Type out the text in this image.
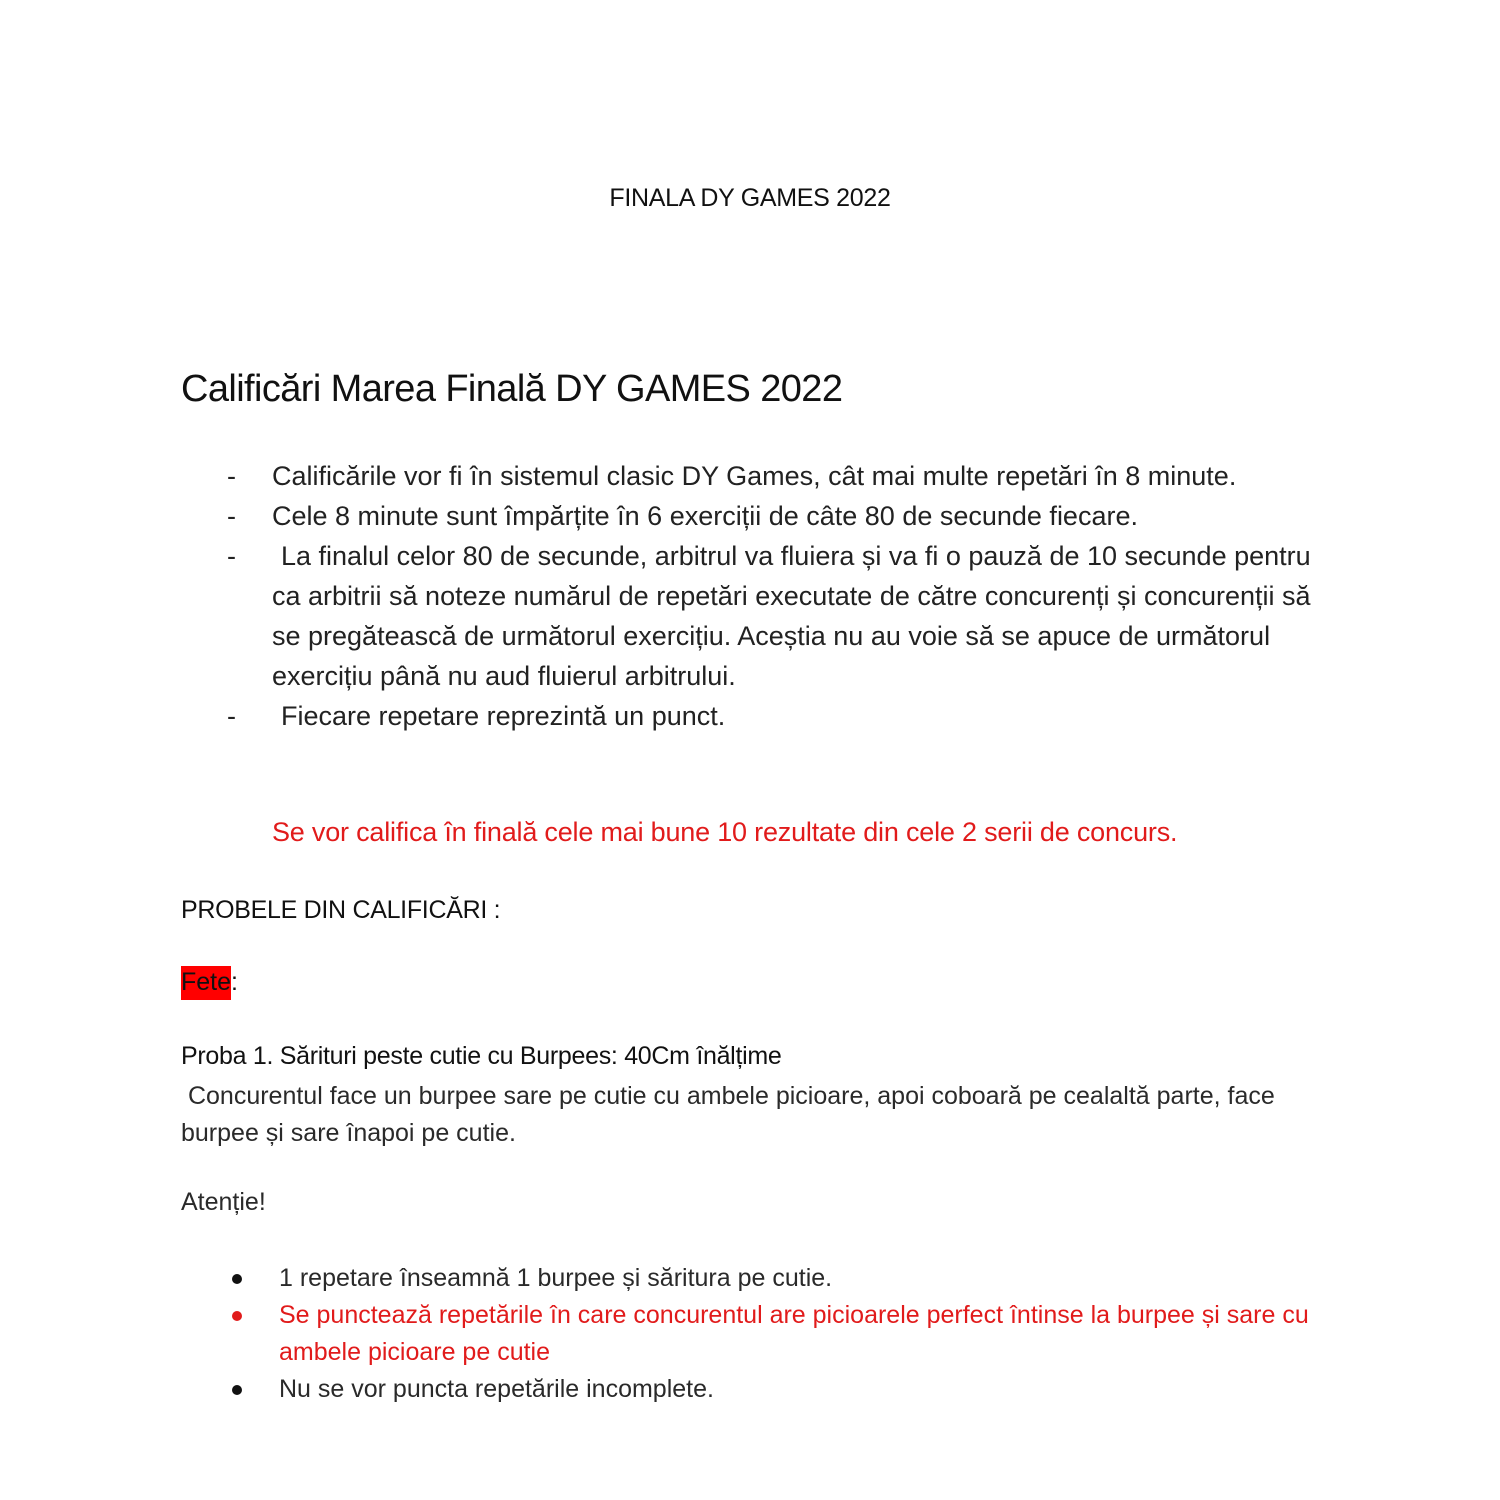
FINALA DY GAMES 2022
Calificări Marea Finală DY GAMES 2022
- Calificările vor fi în sistemul clasic DY Games, cât mai multe repetări în 8 minute.
- Cele 8 minute sunt împărțite în 6 exerciții de câte 80 de secunde fiecare.
- La finalul celor 80 de secunde, arbitrul va fluiera și va fi o pauză de 10 secunde pentru ca arbitrii să noteze numărul de repetări executate de către concurenți și concurenții să se pregătească de următorul exercițiu. Aceștia nu au voie să se apuce de următorul exercițiu până nu aud fluierul arbitrului.
- Fiecare repetare reprezintă un punct.
Se vor califica în finală cele mai bune 10 rezultate din cele 2 serii de concurs.
PROBELE DIN CALIFICĂRI :
Fete:
Proba 1. Sărituri peste cutie cu Burpees: 40Cm înălțime
Concurentul face un burpee sare pe cutie cu ambele picioare, apoi coboară pe cealaltă parte, face burpee și sare înapoi pe cutie.
Atenție!
1 repetare înseamnă 1 burpee și săritura pe cutie.
Se punctează repetările în care concurentul are picioarele perfect întinse la burpee și sare cu ambele picioare pe cutie
Nu se vor puncta repetările incomplete.
